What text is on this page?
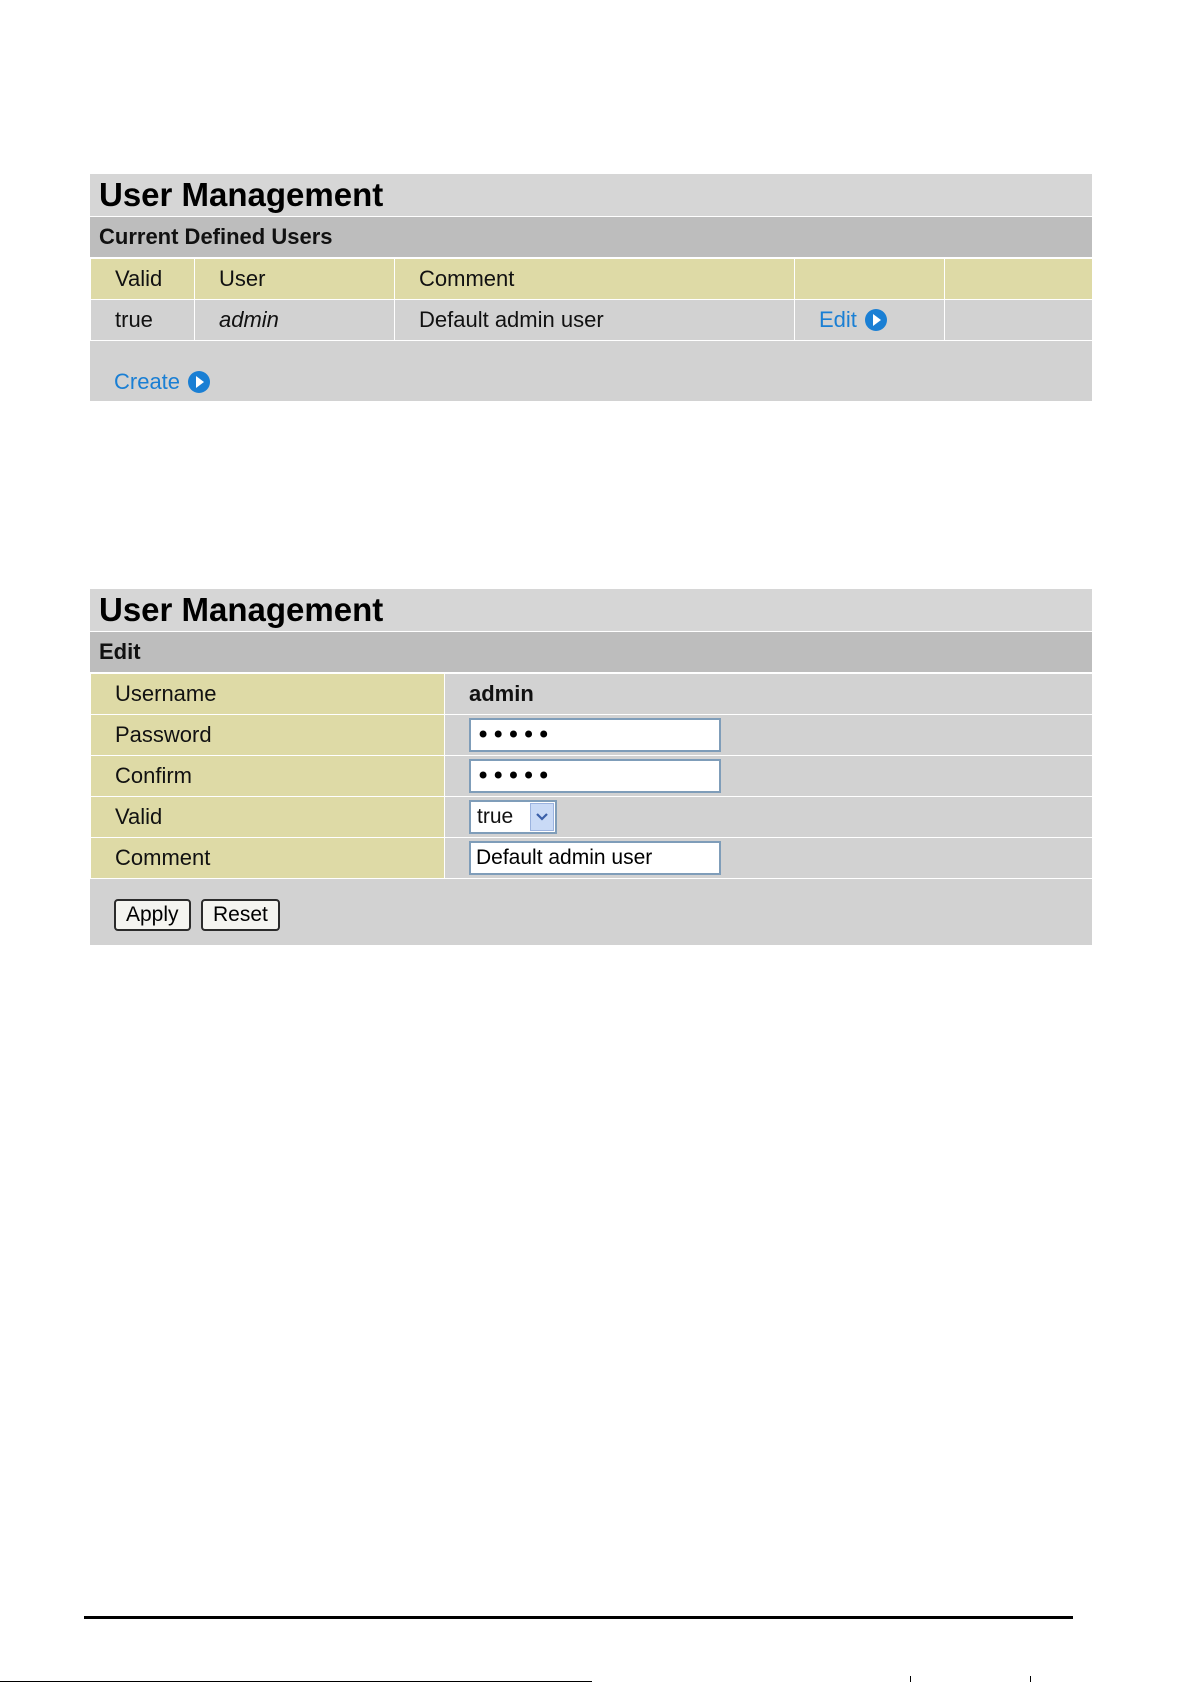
User Management
Current Defined Users
Valid	User	Comment		
true	admin	Default admin user	Edit	

Create
User Management
Edit
Username	admin
Password	•••••
Confirm	•••••
Valid	true

Comment	Default admin user
Apply Reset
